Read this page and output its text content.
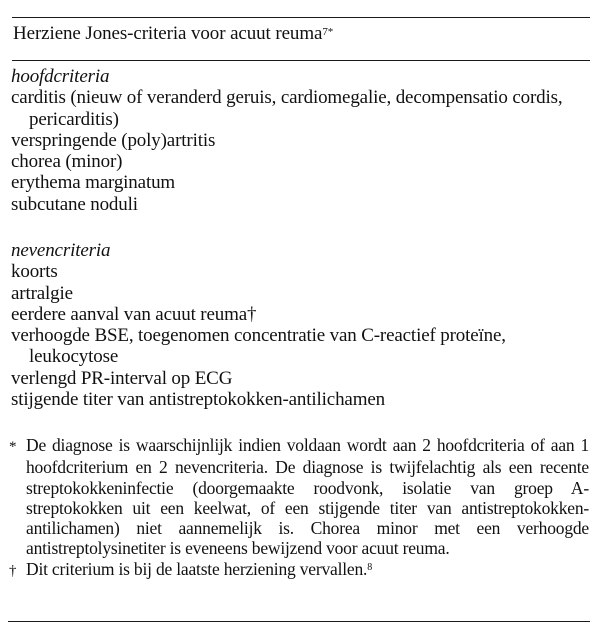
Herziene Jones-criteria voor acuut reuma$^{7*}$
hoofdcriteria
carditis (nieuw of veranderd geruis, cardiomegalie, decompensatio cordis, pericarditis)
verspringende (poly)artritis
chorea (minor)
erythema marginatum
subcutane noduli
nevencriteria
koorts
artralgie
eerdere aanval van acuut reuma†
verhoogde BSE, toegenomen concentratie van C-reactief proteïne, leukocytose
verlengd PR-interval op ECG
stijgende titer van antistreptokokken-antilichamen
* De diagnose is waarschijnlijk indien voldaan wordt aan 2 hoofdcriteria of aan 1 hoofdcriterium en 2 nevencriteria. De diagnose is twijfelachtig als een recente streptokokkeninfectie (doorgemaakte roodvonk, isolatie van groep A-streptokokken uit een keelwat, of een stijgende titer van antistreptokokken-antilichamen) niet aannemelijk is. Chorea minor met een verhoogde antistreptolysinetiter is eveneens bewijzend voor acuut reuma.
† Dit criterium is bij de laatste herziening vervallen.$^8$
